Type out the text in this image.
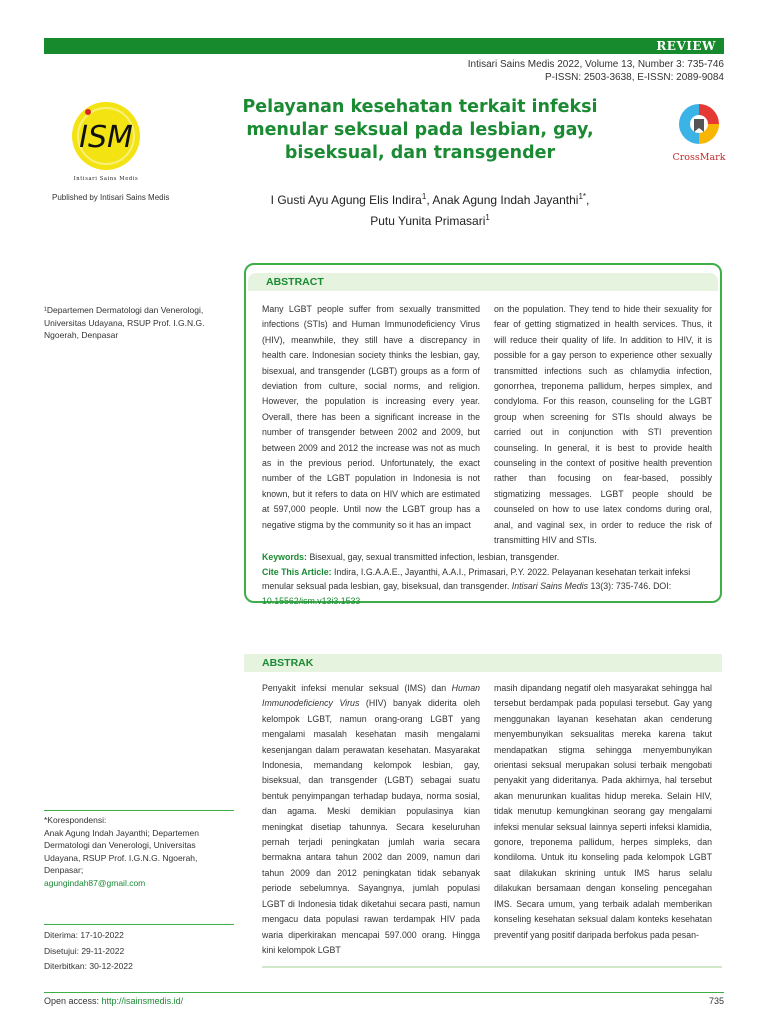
REVIEW
Intisari Sains Medis 2022, Volume 13, Number 3: 735-746
P-ISSN: 2503-3638, E-ISSN: 2089-9084
ISM
Intisari Sains Medis
Published by Intisari Sains Medis
Pelayanan kesehatan terkait infeksi menular seksual pada lesbian, gay, biseksual, dan transgender	CrossMark
I Gusti Ayu Agung Elis Indira$^1$, Anak Agung Indah Jayanthi$^{1*}$,
Putu Yunita Primasari$^1$
¹Departemen Dermatologi dan Venerologi, Universitas Udayana, RSUP Prof. I.G.N.G. Ngoerah, Denpasar
ABSTRACT
Many LGBT people suffer from sexually transmitted infections (STIs) and Human Immunodeficiency Virus (HIV), meanwhile, they still have a discrepancy in health care. Indonesian society thinks the lesbian, gay, bisexual, and transgender (LGBT) groups as a form of deviation from culture, social norms, and religion. However, the population is increasing every year. Overall, there has been a significant increase in the number of transgender between 2002 and 2009, but between 2009 and 2012 the increase was not as much as in the previous period. Unfortunately, the exact number of the LGBT population in Indonesia is not known, but it refers to data on HIV which are estimated at 597,000 people. Until now the LGBT group has a negative stigma by the community so it has an impact
on the population. They tend to hide their sexuality for fear of getting stigmatized in health services. Thus, it will reduce their quality of life. In addition to HIV, it is possible for a gay person to experience other sexually transmitted infections such as chlamydia infection, gonorrhea, treponema pallidum, herpes simplex, and condyloma. For this reason, counseling for the LGBT group when screening for STIs should always be carried out in conjunction with STI prevention counseling. In general, it is best to provide health counseling in the context of positive health prevention rather than focusing on fear-based, possibly stigmatizing messages. LGBT people should be counseled on how to use latex condoms during oral, anal, and vaginal sex, in order to reduce the risk of transmitting HIV and STIs.
Keywords: Bisexual, gay, sexual transmitted infection, lesbian, transgender.
Cite This Article: Indira, I.G.A.A.E., Jayanthi, A.A.I., Primasari, P.Y. 2022. Pelayanan kesehatan terkait infeksi menular seksual pada lesbian, gay, biseksual, dan transgender. Intisari Sains Medis 13(3): 735-746. DOI: 10.15562/ism.v13i3.1533
ABSTRAK
Penyakit infeksi menular seksual (IMS) dan Human Immunodeficiency Virus (HIV) banyak diderita oleh kelompok LGBT, namun orang-orang LGBT yang mengalami masalah kesehatan masih mengalami kesenjangan dalam perawatan kesehatan. Masyarakat Indonesia, memandang kelompok lesbian, gay, biseksual, dan transgender (LGBT) sebagai suatu bentuk penyimpangan terhadap budaya, norma sosial, dan agama. Meski demikian populasinya kian meningkat disetiap tahunnya. Secara keseluruhan pernah terjadi peningkatan jumlah waria secara bermakna antara tahun 2002 dan 2009, namun dari tahun 2009 dan 2012 peningkatan tidak sebanyak periode sebelumnya. Sayangnya, jumlah populasi LGBT di Indonesia tidak diketahui secara pasti, namun mengacu data populasi rawan terdampak HIV pada waria diperkirakan mencapai 597.000 orang. Hingga kini kelompok LGBT
masih dipandang negatif oleh masyarakat sehingga hal tersebut berdampak pada populasi tersebut. Gay yang menggunakan layanan kesehatan akan cenderung menyembunyikan seksualitas mereka karena takut mendapatkan stigma sehingga menyembunyikan orientasi seksual merupakan solusi terbaik mengobati penyakit yang dideritanya. Pada akhirnya, hal tersebut akan menurunkan kualitas hidup mereka. Selain HIV, tidak menutup kemungkinan seorang gay mengalami infeksi menular seksual lainnya seperti infeksi klamidia, gonore, treponema pallidum, herpes simpleks, dan kondiloma. Untuk itu konseling pada kelompok LGBT saat dilakukan skrining untuk IMS harus selalu dilakukan bersamaan dengan konseling pencegahan IMS. Secara umum, yang terbaik adalah memberikan konseling kesehatan seksual dalam konteks kesehatan preventif yang positif daripada berfokus pada pesan-
*Korespondensi:
Anak Agung Indah Jayanthi; Departemen Dermatologi dan Venerologi, Universitas Udayana, RSUP Prof. I.G.N.G. Ngoerah, Denpasar;
agungindah87@gmail.com
Diterima: 17-10-2022
Disetujui: 29-11-2022
Diterbitkan: 30-12-2022
Open access: http://isainsmedis.id/	735
